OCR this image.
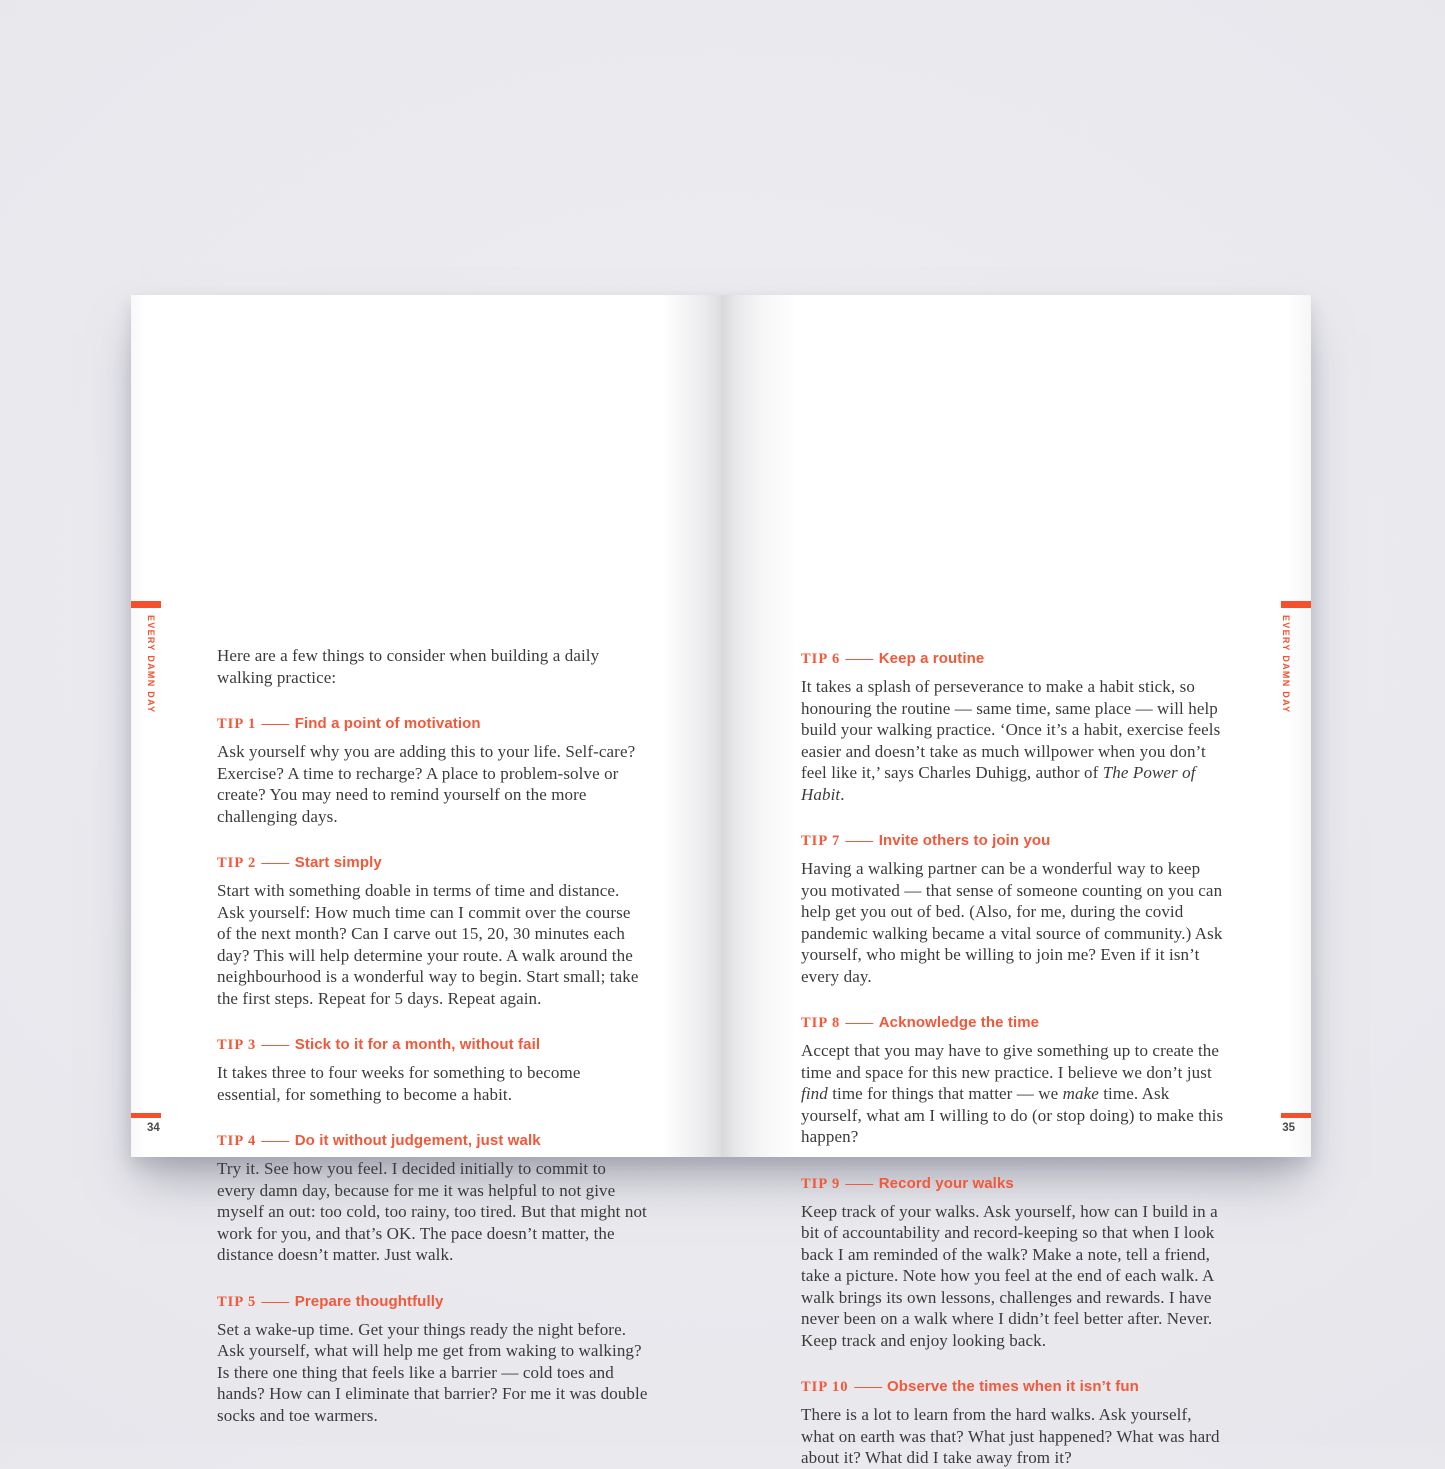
EVERY DAMN DAY	Here are a few things to consider when building a daily walking practice:

TIP 1 — Find a point of motivation

Ask yourself why you are adding this to your life. Self-care? Exercise? A time to recharge? A place to problem-solve or create? You may need to remind yourself on the more challenging days.

TIP 2 — Start simply

Start with something doable in terms of time and distance. Ask yourself: How much time can I commit over the course of the next month? Can I carve out 15, 20, 30 minutes each day? This will help determine your route. A walk around the neighbourhood is a wonderful way to begin. Start small; take the first steps. Repeat for 5 days. Repeat again.

TIP 3 — Stick to it for a month, without fail

It takes three to four weeks for something to become essential, for something to become a habit.

TIP 4 — Do it without judgement, just walk

Try it. See how you feel. I decided initially to commit to every damn day, because for me it was helpful to not give myself an out: too cold, too rainy, too tired. But that might not work for you, and that’s OK. The pace doesn’t matter, the distance doesn’t matter. Just walk.

TIP 5 — Prepare thoughtfully

Set a wake-up time. Get your things ready the night before. Ask yourself, what will help me get from waking to walking? Is there one thing that feels like a barrier — cold toes and hands? How can I eliminate that barrier? For me it was double socks and toe warmers.

34
EVERY DAMN DAY
TIP 6 — Keep a routine

It takes a splash of perseverance to make a habit stick, so honouring the routine — same time, same place — will help build your walking practice. ‘Once it’s a habit, exercise feels easier and doesn’t take as much willpower when you don’t feel like it,’ says Charles Duhigg, author of The Power of Habit.

TIP 7 — Invite others to join you

Having a walking partner can be a wonderful way to keep you motivated — that sense of someone counting on you can help get you out of bed. (Also, for me, during the covid pandemic walking became a vital source of community.) Ask yourself, who might be willing to join me? Even if it isn’t every day.

TIP 8 — Acknowledge the time

Accept that you may have to give something up to create the time and space for this new practice. I believe we don’t just find time for things that matter — we make time. Ask yourself, what am I willing to do (or stop doing) to make this happen?

TIP 9 — Record your walks

Keep track of your walks. Ask yourself, how can I build in a bit of accountability and record-keeping so that when I look back I am reminded of the walk? Make a note, tell a friend, take a picture. Note how you feel at the end of each walk. A walk brings its own lessons, challenges and rewards. I have never been on a walk where I didn’t feel better after. Never. Keep track and enjoy looking back.

TIP 10 — Observe the times when it isn’t fun

There is a lot to learn from the hard walks. Ask yourself, what on earth was that? What just happened? What was hard about it? What did I take away from it?

35
